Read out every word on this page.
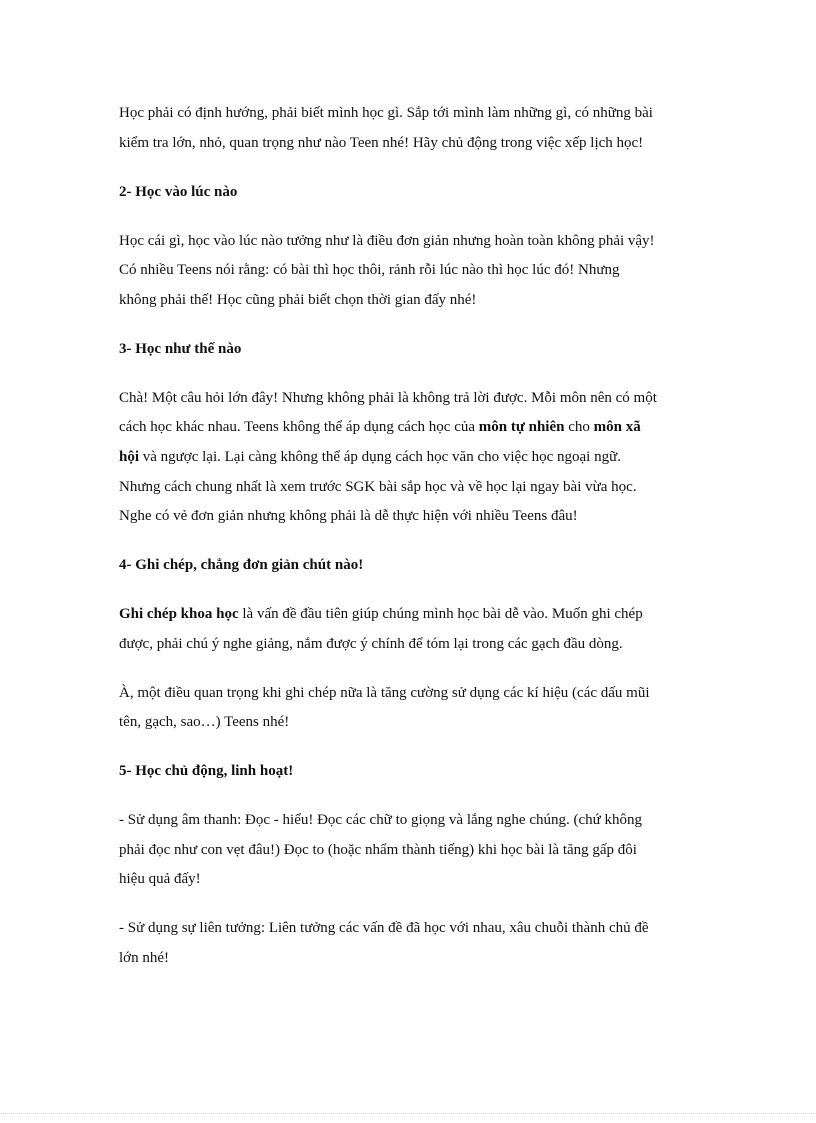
Học phải có định hướng, phải biết mình học gì. Sắp tới mình làm những gì, có những bài
kiểm tra lớn, nhỏ, quan trọng như nào Teen nhé! Hãy chủ động trong việc xếp lịch học!
2- Học vào lúc nào
Học cái gì, học vào lúc nào tưởng như là điều đơn giản nhưng hoàn toàn không phải vậy!
Có nhiều Teens nói rằng: có bài thì học thôi, rảnh rỗi lúc nào thì học lúc đó! Nhưng
không phải thế! Học cũng phải biết chọn thời gian đấy nhé!
3- Học như thế nào
Chà! Một câu hỏi lớn đây! Nhưng không phải là không trả lời được. Mỗi môn nên có một
cách học khác nhau. Teens không thể áp dụng cách học của môn tự nhiên cho môn xã
hội và ngược lại. Lại càng không thể áp dụng cách học văn cho việc học ngoại ngữ.
Nhưng cách chung nhất là xem trước SGK bài sắp học và về học lại ngay bài vừa học.
Nghe có vẻ đơn giản nhưng không phải là dễ thực hiện với nhiều Teens đâu!
4- Ghi chép, chẳng đơn giản chút nào!
Ghi chép khoa học là vấn đề đầu tiên giúp chúng mình học bài dễ vào. Muốn ghi chép
được, phải chú ý nghe giảng, nắm được ý chính để tóm lại trong các gạch đầu dòng.
À, một điều quan trọng khi ghi chép nữa là tăng cường sử dụng các kí hiệu (các dấu mũi
tên, gạch, sao…) Teens nhé!
5- Học chủ động, linh hoạt!
- Sử dụng âm thanh: Đọc - hiểu! Đọc các chữ to giọng và lắng nghe chúng. (chứ không
phải đọc như con vẹt đâu!) Đọc to (hoặc nhẩm thành tiếng) khi học bài là tăng gấp đôi
hiệu quả đấy!
- Sử dụng sự liên tưởng: Liên tưởng các vấn đề đã học với nhau, xâu chuỗi thành chủ đề
lớn nhé!
